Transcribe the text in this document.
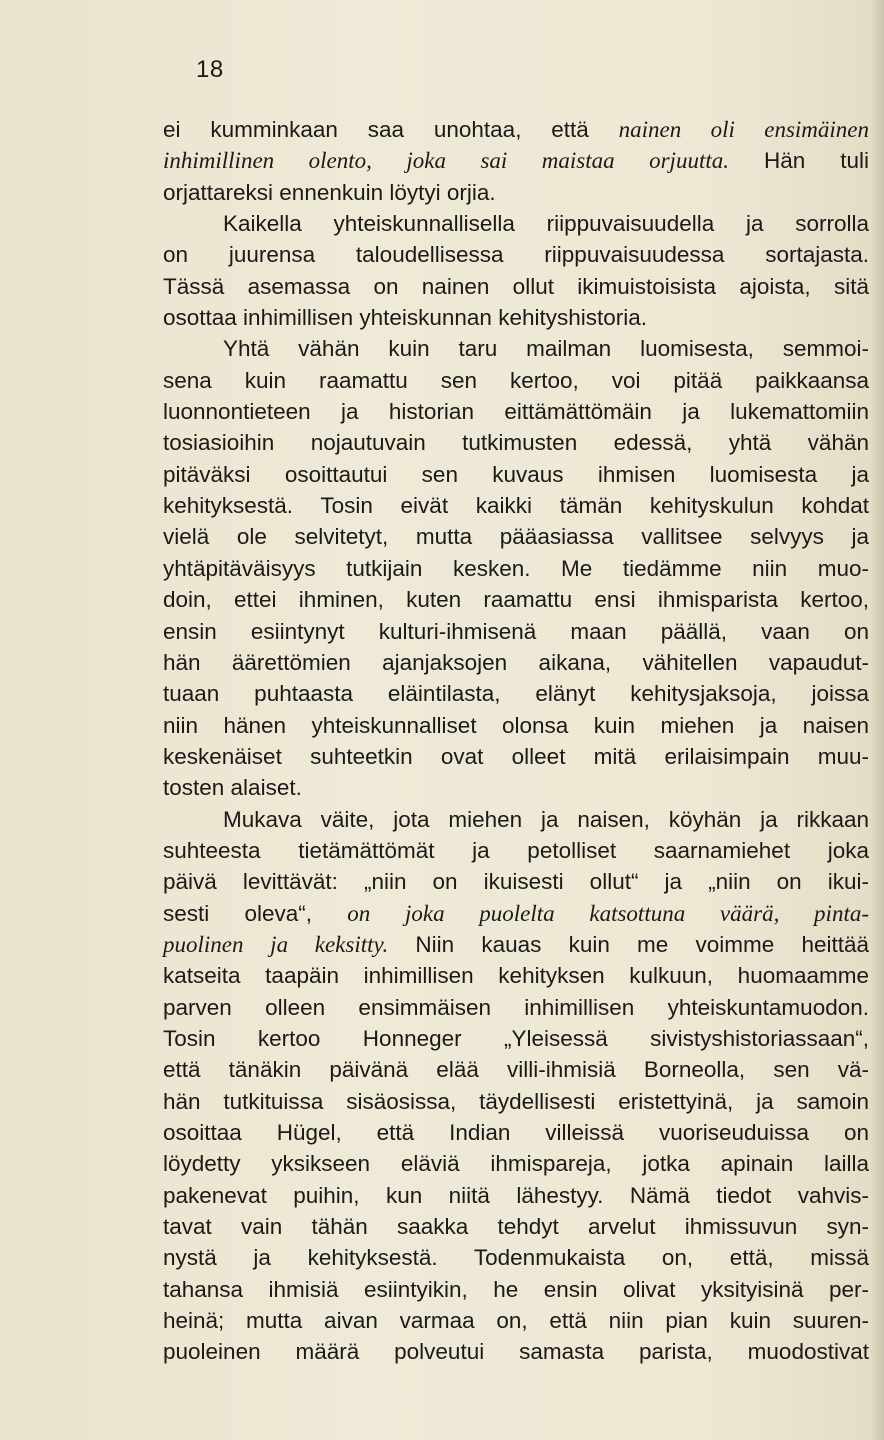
18
ei kumminkaan saa unohtaa, että nainen oli ensimäinen
inhimillinen olento, joka sai maistaa orjuutta. Hän tuli
orjattareksi ennenkuin löytyi orjia.
Kaikella yhteiskunnallisella riippuvaisuudella ja sorrolla
on juurensa taloudellisessa riippuvaisuudessa sortajasta.
Tässä asemassa on nainen ollut ikimuistoisista ajoista, sitä
osottaa inhimillisen yhteiskunnan kehityshistoria.
Yhtä vähän kuin taru mailman luomisesta, semmoi-
sena kuin raamattu sen kertoo, voi pitää paikkaansa
luonnontieteen ja historian eittämättömäin ja lukemattomiin
tosiasioihin nojautuvain tutkimusten edessä, yhtä vähän
pitäväksi osoittautui sen kuvaus ihmisen luomisesta ja
kehityksestä. Tosin eivät kaikki tämän kehityskulun kohdat
vielä ole selvitetyt, mutta pääasiassa vallitsee selvyys ja
yhtäpitäväisyys tutkijain kesken. Me tiedämme niin muo-
doin, ettei ihminen, kuten raamattu ensi ihmisparista kertoo,
ensin esiintynyt kulturi-ihmisenä maan päällä, vaan on
hän äärettömien ajanjaksojen aikana, vähitellen vapaudut-
tuaan puhtaasta eläintilasta, elänyt kehitysjaksoja, joissa
niin hänen yhteiskunnalliset olonsa kuin miehen ja naisen
keskenäiset suhteetkin ovat olleet mitä erilaisimpain muu-
tosten alaiset.
Mukava väite, jota miehen ja naisen, köyhän ja rikkaan
suhteesta tietämättömät ja petolliset saarnamiehet joka
päivä levittävät: „niin on ikuisesti ollut“ ja „niin on ikui-
sesti oleva“, on joka puolelta katsottuna väärä, pinta-
puolinen ja keksitty. Niin kauas kuin me voimme heittää
katseita taapäin inhimillisen kehityksen kulkuun, huomaamme
parven olleen ensimmäisen inhimillisen yhteiskuntamuodon.
Tosin kertoo Honneger „Yleisessä sivistyshistoriassaan“,
että tänäkin päivänä elää villi-ihmisiä Borneolla, sen vä-
hän tutkituissa sisäosissa, täydellisesti eristettyinä, ja samoin
osoittaa Hügel, että Indian villeissä vuoriseuduissa on
löydetty yksikseen eläviä ihmispareja, jotka apinain lailla
pakenevat puihin, kun niitä lähestyy. Nämä tiedot vahvis-
tavat vain tähän saakka tehdyt arvelut ihmissuvun syn-
nystä ja kehityksestä. Todenmukaista on, että, missä
tahansa ihmisiä esiintyikin, he ensin olivat yksityisinä per-
heinä; mutta aivan varmaa on, että niin pian kuin suuren-
puoleinen määrä polveutui samasta parista, muodostivat
